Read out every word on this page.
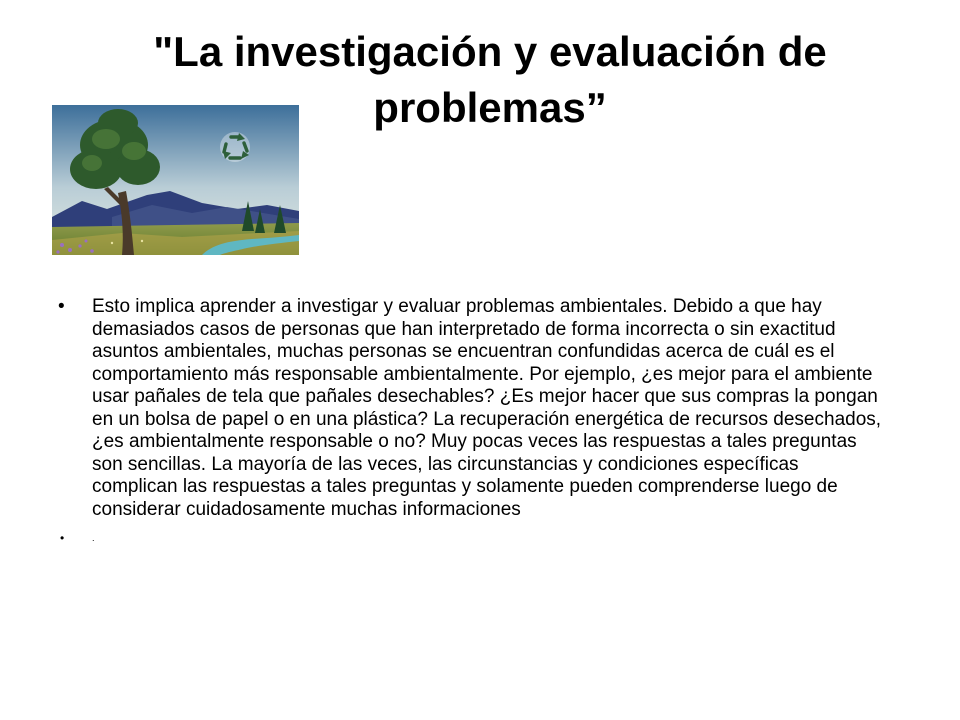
"La investigación y evaluación de problemas”
•	Esto implica aprender a investigar y evaluar problemas ambientales. Debido a que hay demasiados casos de personas que han interpretado de forma incorrecta o sin exactitud asuntos ambientales, muchas personas se encuentran confundidas acerca de cuál es el comportamiento más responsable ambientalmente. Por ejemplo, ¿es mejor para el ambiente usar pañales de tela que pañales desechables? ¿Es mejor hacer que sus compras la pongan en un bolsa de papel o en una plástica? La recuperación energética de recursos desechados, ¿es ambientalmente responsable o no? Muy pocas veces las respuestas a tales preguntas son sencillas. La mayoría de las veces, las circunstancias y condiciones específicas complican las respuestas a tales preguntas y solamente pueden comprenderse luego de considerar cuidadosamente muchas informaciones
•	.
